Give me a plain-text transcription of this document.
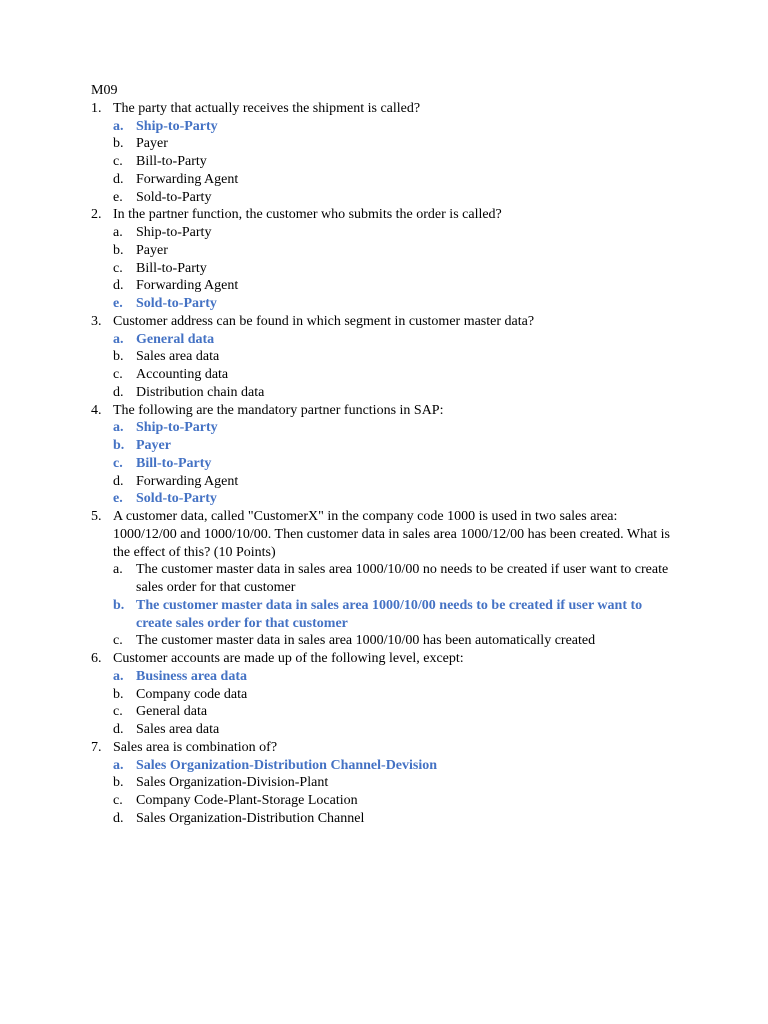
M09
1. The party that actually receives the shipment is called?
a. Ship-to-Party
b. Payer
c. Bill-to-Party
d. Forwarding Agent
e. Sold-to-Party
2. In the partner function, the customer who submits the order is called?
a. Ship-to-Party
b. Payer
c. Bill-to-Party
d. Forwarding Agent
e. Sold-to-Party
3. Customer address can be found in which segment in customer master data?
a. General data
b. Sales area data
c. Accounting data
d. Distribution chain data
4. The following are the mandatory partner functions in SAP:
a. Ship-to-Party
b. Payer
c. Bill-to-Party
d. Forwarding Agent
e. Sold-to-Party
5. A customer data, called "CustomerX" in the company code 1000 is used in two sales area: 1000/12/00 and 1000/10/00. Then customer data in sales area 1000/12/00 has been created. What is the effect of this? (10 Points)
a. The customer master data in sales area 1000/10/00 no needs to be created if user want to create sales order for that customer
b. The customer master data in sales area 1000/10/00 needs to be created if user want to create sales order for that customer
c. The customer master data in sales area 1000/10/00 has been automatically created
6. Customer accounts are made up of the following level, except:
a. Business area data
b. Company code data
c. General data
d. Sales area data
7. Sales area is combination of?
a. Sales Organization-Distribution Channel-Devision
b. Sales Organization-Division-Plant
c. Company Code-Plant-Storage Location
d. Sales Organization-Distribution Channel
